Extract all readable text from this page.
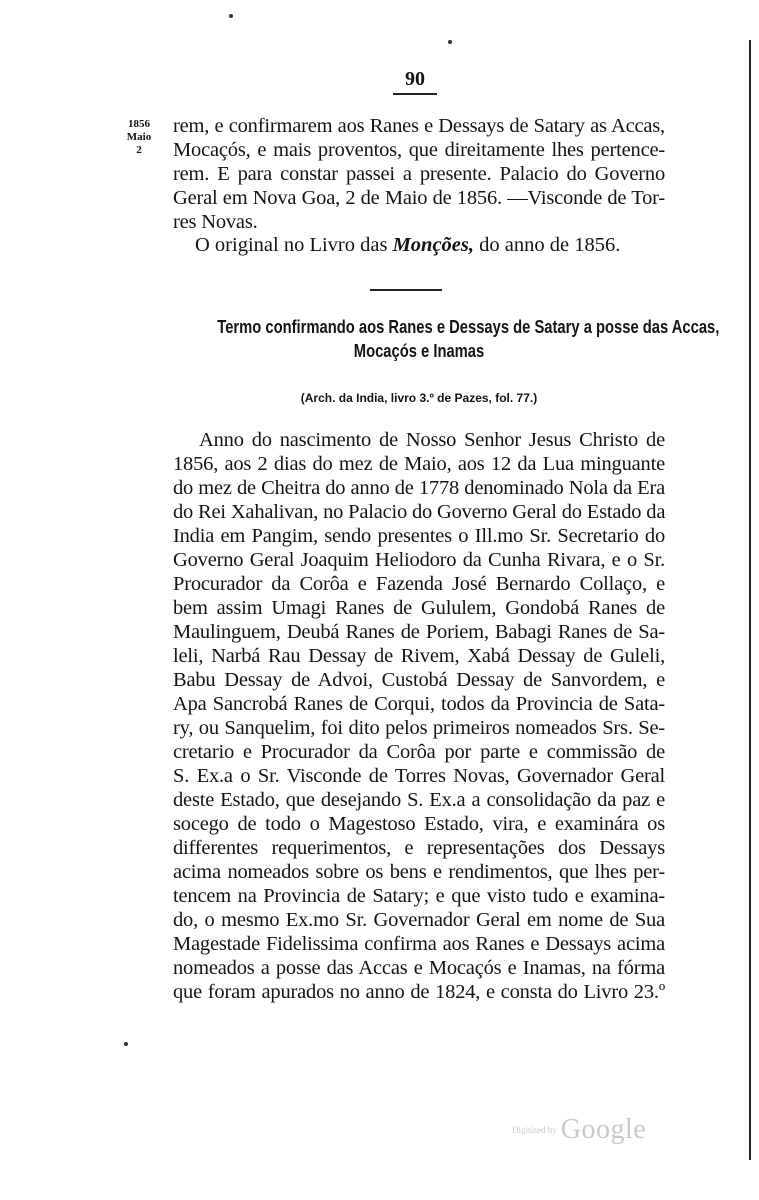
90
1856
Maio
2
rem, e confirmarem aos Ranes e Dessays de Satary as Accas,
Mocaçós, e mais proventos, que direitamente lhes pertence-
rem. E para constar passei a presente. Palacio do Governo
Geral em Nova Goa, 2 de Maio de 1856. —Visconde de Tor-
res Novas.
O original no Livro das Monções, do anno de 1856.
Termo confirmando aos Ranes e Dessays de Satary a posse das Accas,
Mocaçós e Inamas
(Arch. da India, livro 3.º de Pazes, fol. 77.)
Anno do nascimento de Nosso Senhor Jesus Christo de
1856, aos 2 dias do mez de Maio, aos 12 da Lua minguante
do mez de Cheitra do anno de 1778 denominado Nola da Era
do Rei Xahalivan, no Palacio do Governo Geral do Estado da
India em Pangim, sendo presentes o Ill.mo Sr. Secretario do
Governo Geral Joaquim Heliodoro da Cunha Rivara, e o Sr.
Procurador da Corôa e Fazenda José Bernardo Collaço, e
bem assim Umagi Ranes de Gululem, Gondobá Ranes de
Maulinguem, Deubá Ranes de Poriem, Babagi Ranes de Sa-
leli, Narbá Rau Dessay de Rivem, Xabá Dessay de Guleli,
Babu Dessay de Advoi, Custobá Dessay de Sanvordem, e
Apa Sancrobá Ranes de Corqui, todos da Provincia de Sata-
ry, ou Sanquelim, foi dito pelos primeiros nomeados Srs. Se-
cretario e Procurador da Corôa por parte e commissão de
S. Ex.a o Sr. Visconde de Torres Novas, Governador Geral
deste Estado, que desejando S. Ex.a a consolidação da paz e
socego de todo o Magestoso Estado, vira, e examinára os
differentes requerimentos, e representações dos Dessays
acima nomeados sobre os bens e rendimentos, que lhes per-
tencem na Provincia de Satary; e que visto tudo e examina-
do, o mesmo Ex.mo Sr. Governador Geral em nome de Sua
Magestade Fidelissima confirma aos Ranes e Dessays acima
nomeados a posse das Accas e Mocaçós e Inamas, na fórma
que foram apurados no anno de 1824, e consta do Livro 23.º
Digitized by Google
